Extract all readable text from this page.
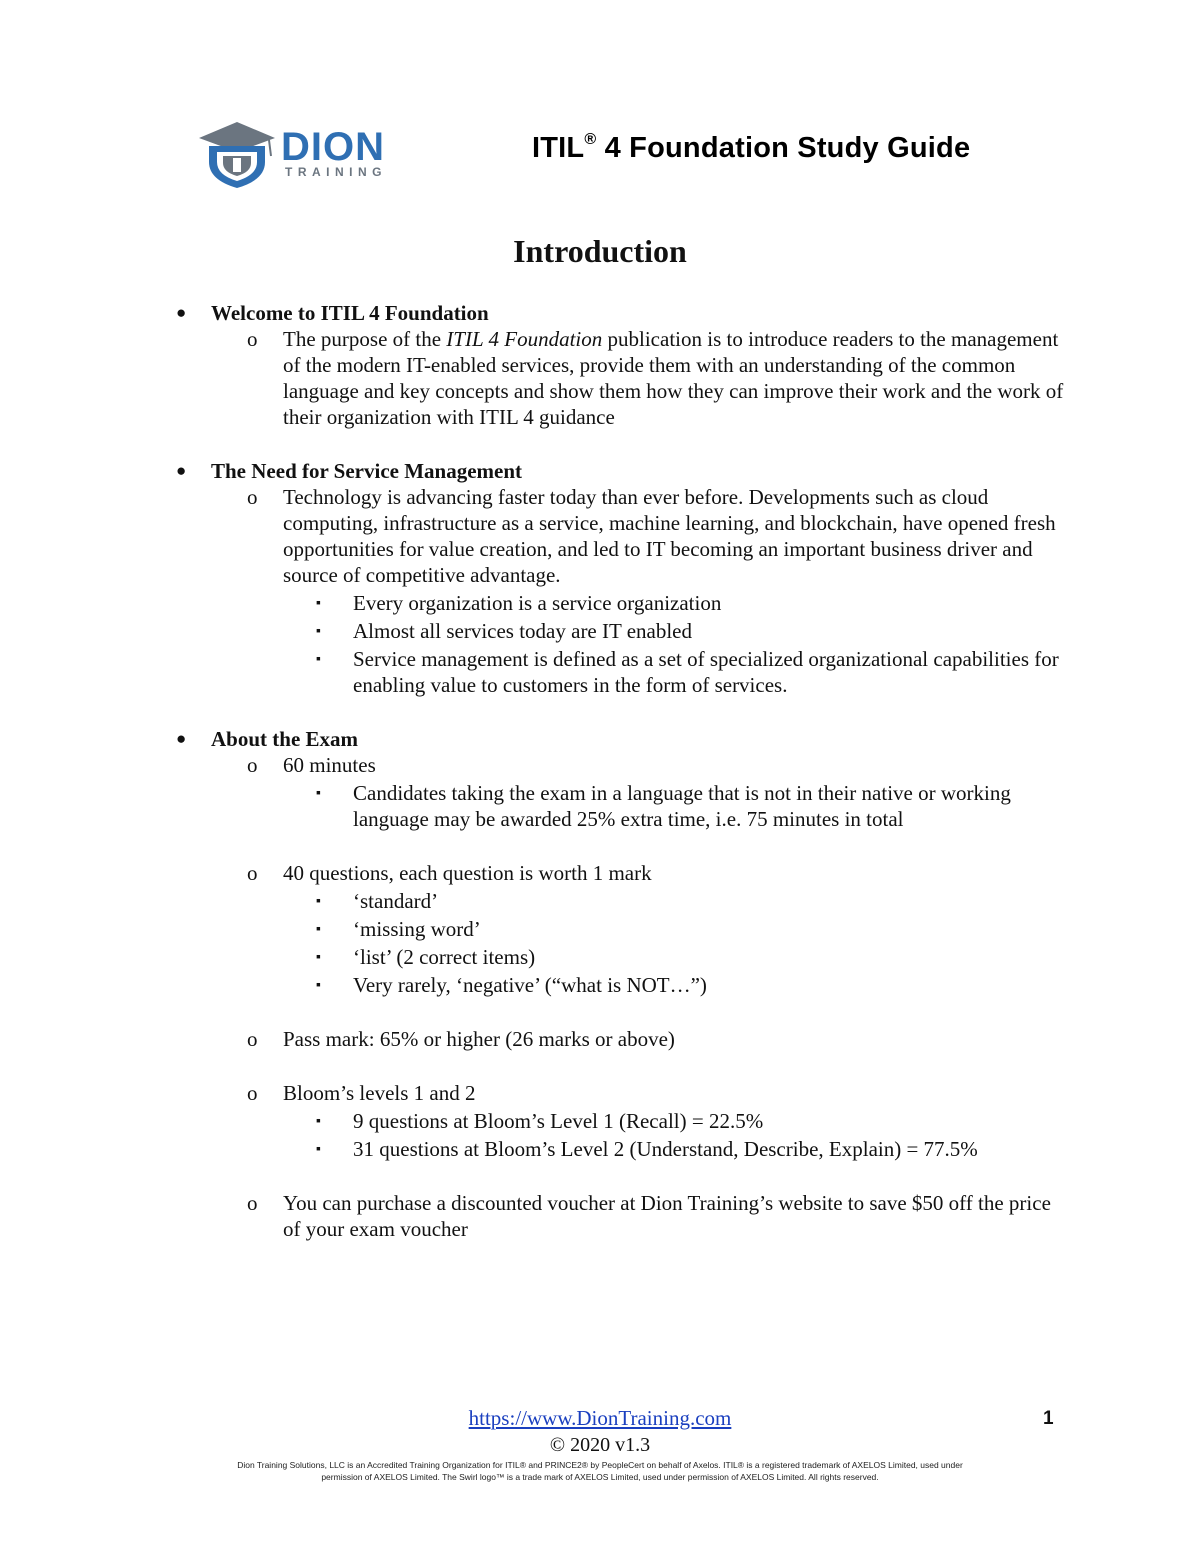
DION
TRAINING
ITIL® 4 Foundation Study Guide
Introduction
● Welcome to ITIL 4 Foundation
o The purpose of the ITIL 4 Foundation publication is to introduce readers to the management of the modern IT-enabled services, provide them with an understanding of the common language and key concepts and show them how they can improve their work and the work of their organization with ITIL 4 guidance
● The Need for Service Management
o Technology is advancing faster today than ever before. Developments such as cloud computing, infrastructure as a service, machine learning, and blockchain, have opened fresh opportunities for value creation, and led to IT becoming an important business driver and source of competitive advantage.
▪ Every organization is a service organization
▪ Almost all services today are IT enabled
▪ Service management is defined as a set of specialized organizational capabilities for enabling value to customers in the form of services.
● About the Exam
o 60 minutes
▪ Candidates taking the exam in a language that is not in their native or working language may be awarded 25% extra time, i.e. 75 minutes in total
o 40 questions, each question is worth 1 mark
▪ ‘standard’
▪ ‘missing word’
▪ ‘list’ (2 correct items)
▪ Very rarely, ‘negative’ (“what is NOT…”)
o Pass mark: 65% or higher (26 marks or above)
o Bloom’s levels 1 and 2
▪ 9 questions at Bloom’s Level 1 (Recall) = 22.5%
▪ 31 questions at Bloom’s Level 2 (Understand, Describe, Explain) = 77.5%
o You can purchase a discounted voucher at Dion Training’s website to save $50 off the price of your exam voucher
https://www.DionTraining.com	1
© 2020 v1.3
Dion Training Solutions, LLC is an Accredited Training Organization for ITIL® and PRINCE2® by PeopleCert on behalf of Axelos. ITIL® is a registered trademark of AXELOS Limited, used under
permission of AXELOS Limited. The Swirl logo™ is a trade mark of AXELOS Limited, used under permission of AXELOS Limited. All rights reserved.
